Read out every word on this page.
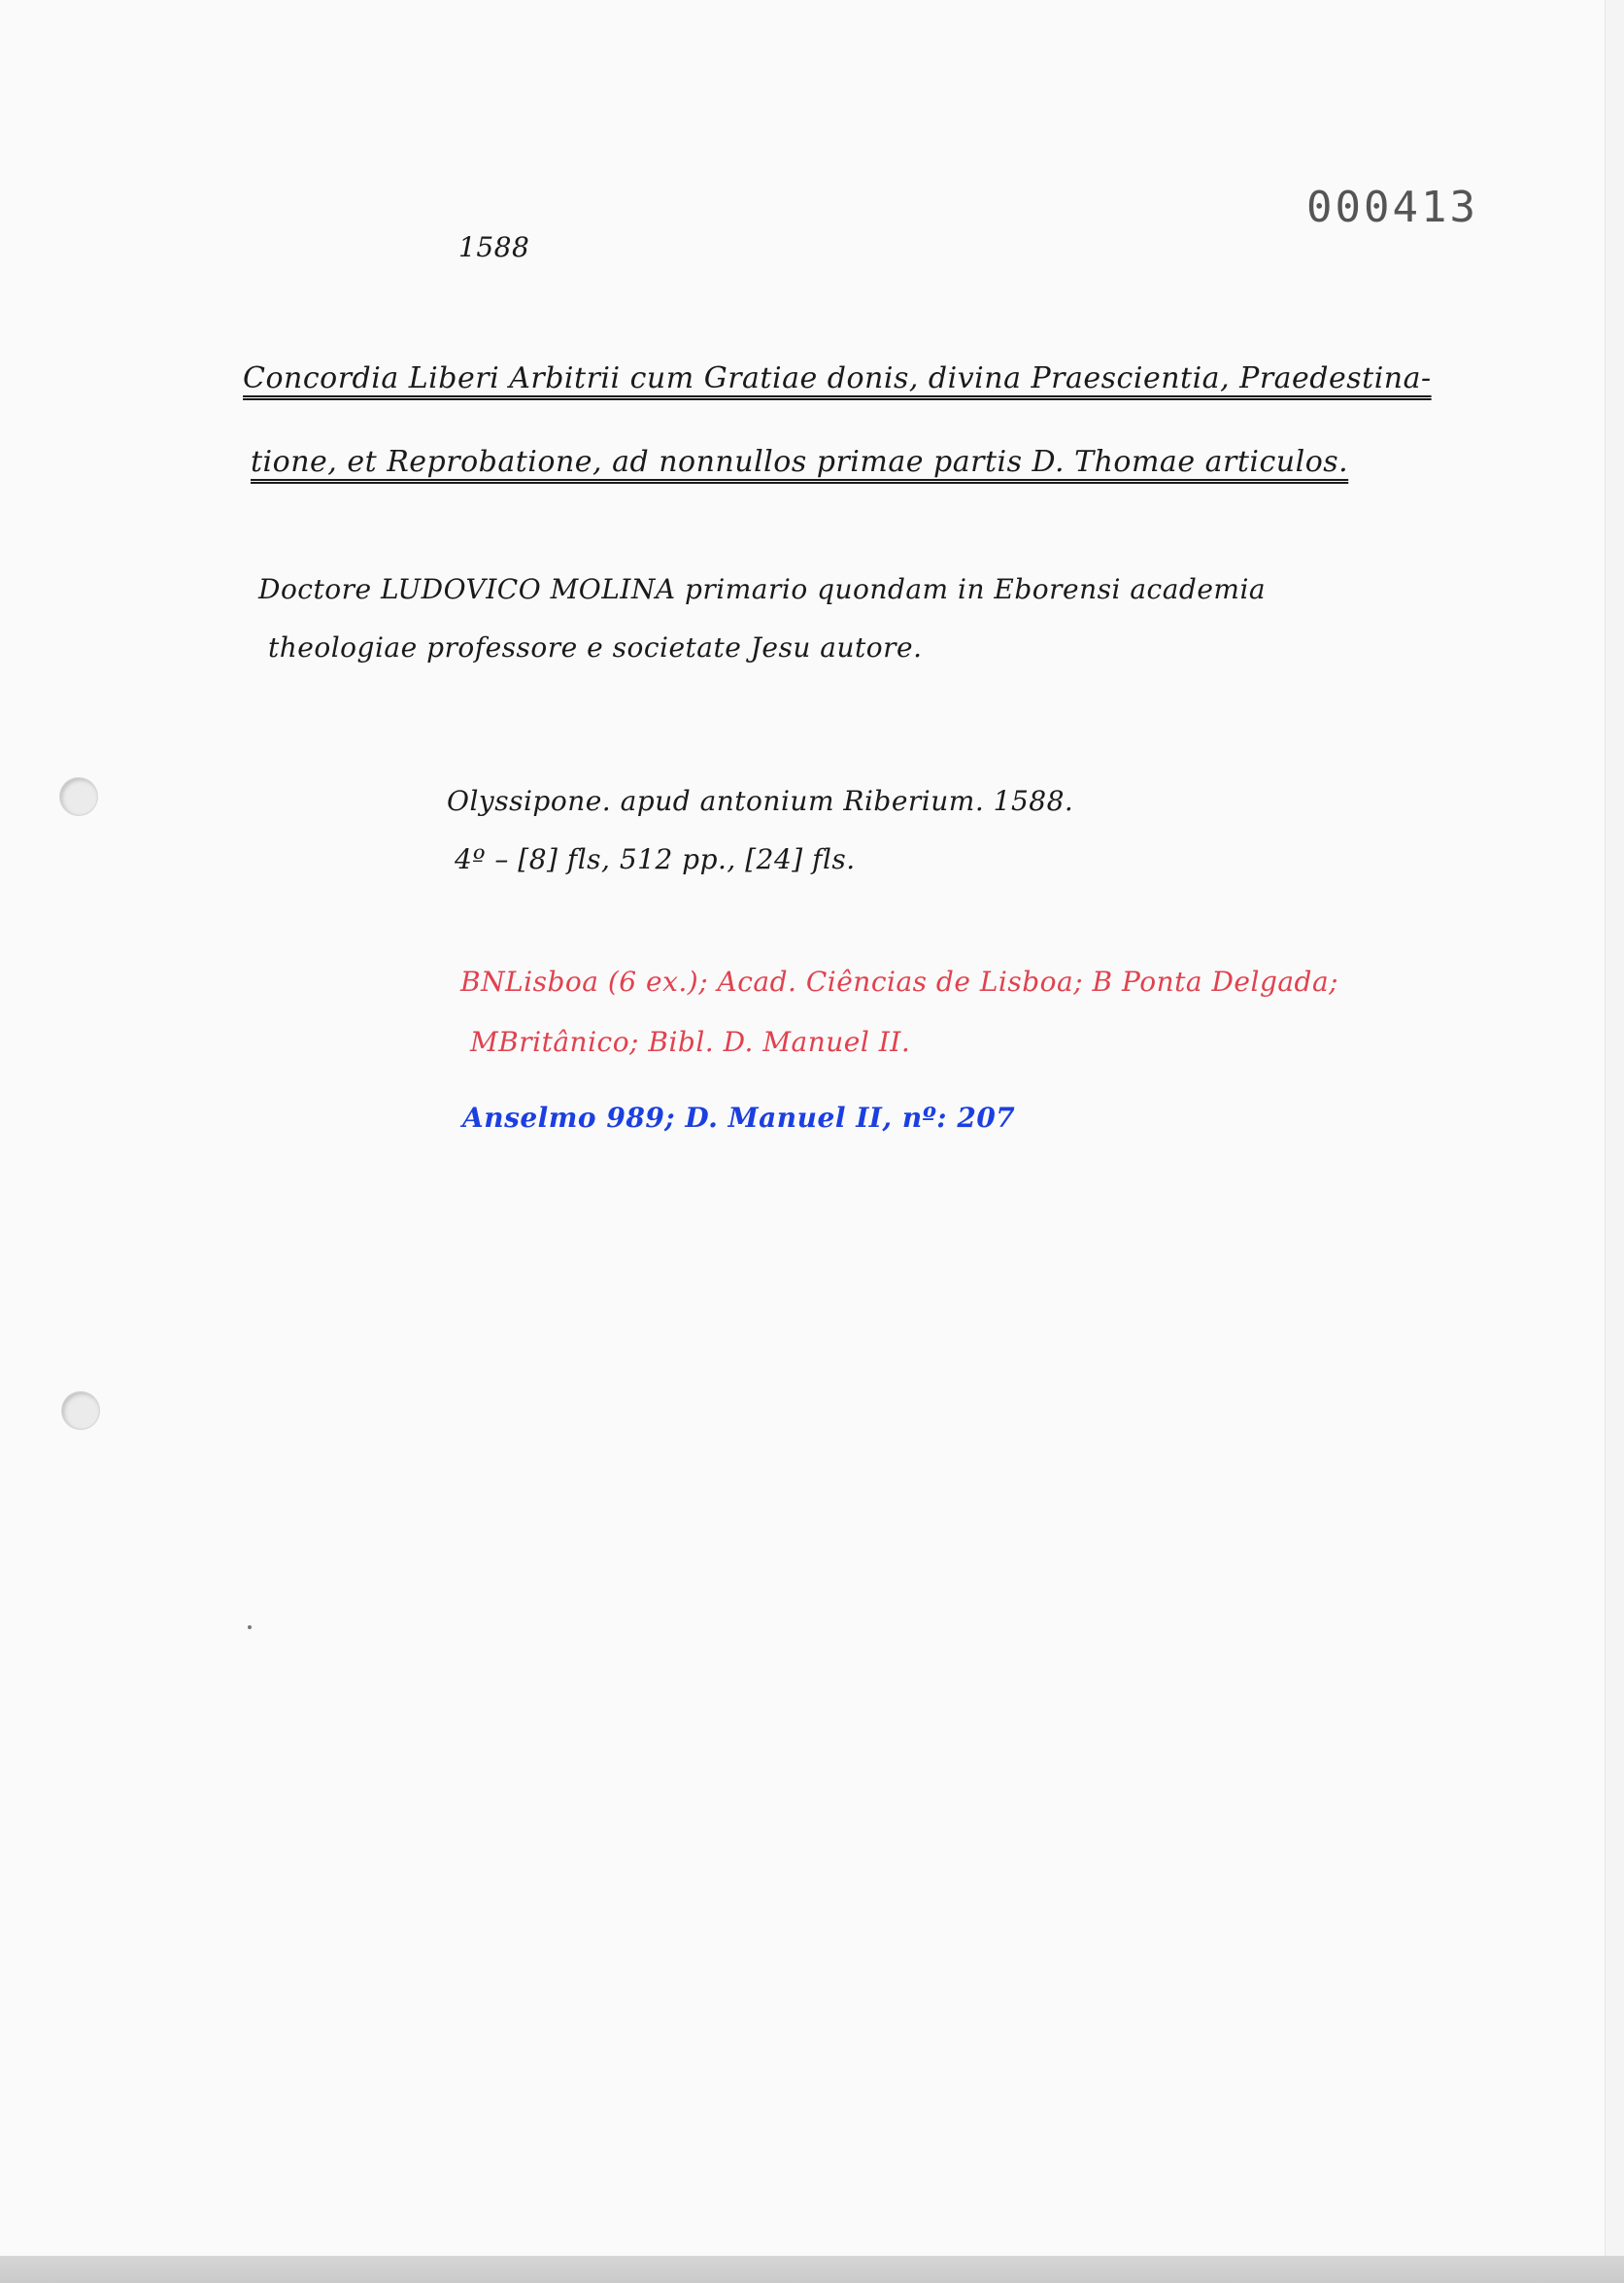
000413
1588
Concordia Liberi Arbitrii cum Gratiae donis, divina Praescientia, Praedestina-
tione, et Reprobatione, ad nonnullos primae partis D. Thomae articulos.
Doctore LUDOVICO MOLINA primario quondam in Eborensi academia
theologiae professore e societate Jesu autore.
Olyssipone. apud antonium Riberium. 1588.
4º – [8] fls, 512 pp., [24] fls.
BNLisboa (6 ex.); Acad. Ciências de Lisboa; B Ponta Delgada;
MBritânico; Bibl. D. Manuel II.
Anselmo 989; D. Manuel II, nº: 207
